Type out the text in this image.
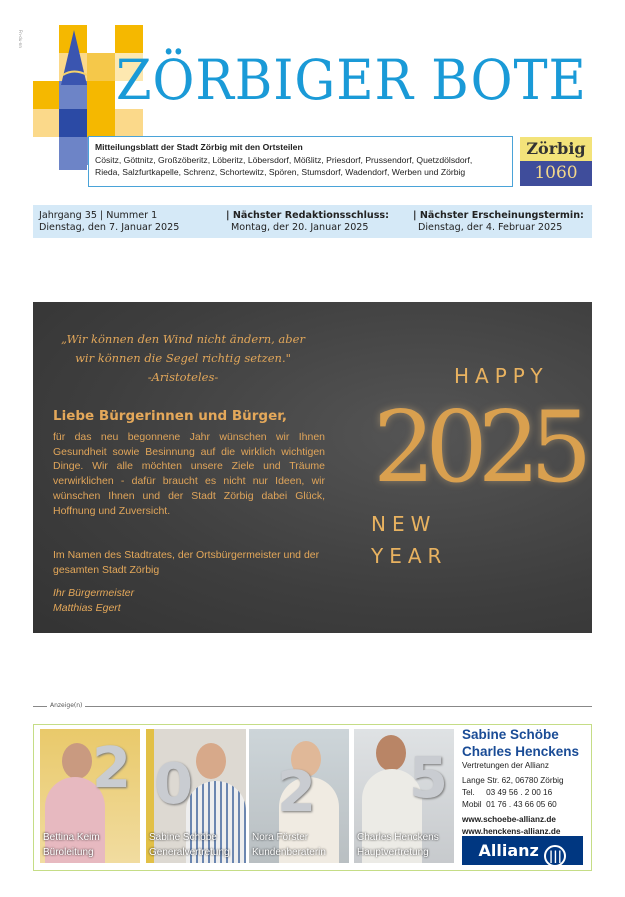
Fn-du-nn
ZÖRBIGER BOTE
Mitteilungsblatt der Stadt Zörbig mit den Ortsteilen
Cösitz, Göttnitz, Großzöberitz, Löberitz, Löbersdorf, Mößlitz, Priesdorf, Prussendorf, Quetzdölsdorf,
Rieda, Salzfurtkapelle, Schrenz, Schortewitz, Spören, Stumsdorf, Wadendorf, Werben und Zörbig
Zörbig
1060
Jahrgang 35 | Nummer 1
Dienstag, den 7. Januar 2025
| Nächster Redaktionsschluss:
Montag, der 20. Januar 2025
| Nächster Erscheinungstermin:
Dienstag, der 4. Februar 2025
„Wir können den Wind nicht ändern, aber
wir können die Segel richtig setzen."
-Aristoteles-
Liebe Bürgerinnen und Bürger,
für das neu begonnene Jahr wünschen wir Ihnen Gesundheit sowie Besinnung auf die wirklich wichtigen Dinge. Wir alle möchten unsere Ziele und Träume verwirklichen - dafür braucht es nicht nur Ideen, wir wünschen Ihnen und der Stadt Zörbig dabei Glück, Hoffnung und Zuversicht.
Im Namen des Stadtrates, der Ortsbürgermeister und der gesamten Stadt Zörbig
Ihr Bürgermeister
Matthias Egert
HAPPY
2025
NEW
YEAR
Anzeige(n)
2
Bettina Keim
Büroleitung
0
Sabine Schöbe
Generalvertretung
2
Nora Förster
Kundenberaterin
5
Charles Henckens
Hauptvertretung
Sabine Schöbe
Charles Henckens
Vertretungen der Allianz
Lange Str. 62, 06780 Zörbig
Tel.     03 49 56 . 2 00 16
Mobil  01 76 . 43 66 05 60
www.schoebe-allianz.de
www.henckens-allianz.de
Allianz |||
